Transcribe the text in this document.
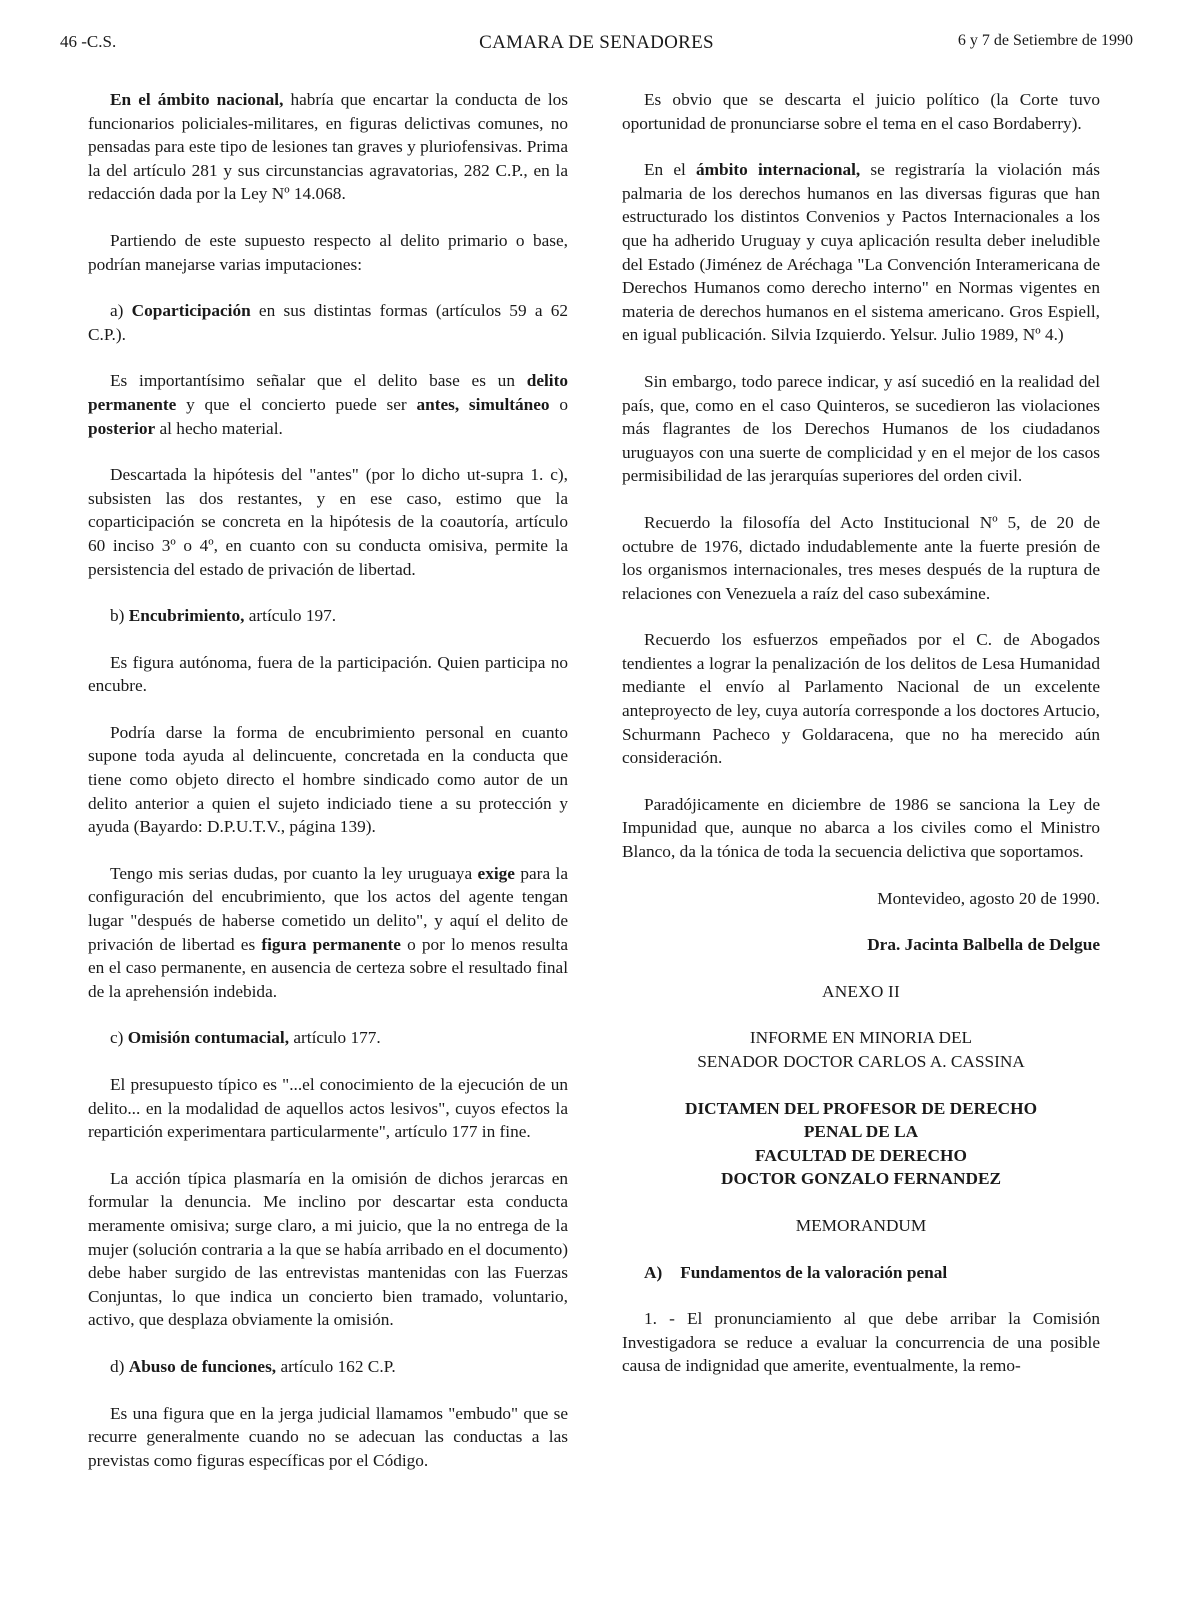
46 -C.S.	CAMARA DE SENADORES	6 y 7 de Setiembre de 1990

En el ámbito nacional, habría que encartar la conducta de los funcionarios policiales-militares, en figuras delictivas comunes, no pensadas para este tipo de lesiones tan graves y pluriofensivas. Prima la del artículo 281 y sus circunstancias agravatorias, 282 C.P., en la redacción dada por la Ley Nº 14.068.

Partiendo de este supuesto respecto al delito primario o base, podrían manejarse varias imputaciones:

a) Coparticipación en sus distintas formas (artículos 59 a 62 C.P.).

Es importantísimo señalar que el delito base es un delito permanente y que el concierto puede ser antes, simultáneo o posterior al hecho material.

Descartada la hipótesis del "antes" (por lo dicho ut-supra 1. c), subsisten las dos restantes, y en ese caso, estimo que la coparticipación se concreta en la hipótesis de la coautoría, artículo 60 inciso 3º o 4º, en cuanto con su conducta omisiva, permite la persistencia del estado de privación de libertad.

b) Encubrimiento, artículo 197.

Es figura autónoma, fuera de la participación. Quien participa no encubre.

Podría darse la forma de encubrimiento personal en cuanto supone toda ayuda al delincuente, concretada en la conducta que tiene como objeto directo el hombre sindicado como autor de un delito anterior a quien el sujeto indiciado tiene a su protección y ayuda (Bayardo: D.P.U.T.V., página 139).

Tengo mis serias dudas, por cuanto la ley uruguaya exige para la configuración del encubrimiento, que los actos del agente tengan lugar "después de haberse cometido un delito", y aquí el delito de privación de libertad es figura permanente o por lo menos resulta en el caso permanente, en ausencia de certeza sobre el resultado final de la aprehensión indebida.

c) Omisión contumacial, artículo 177.

El presupuesto típico es "...el conocimiento de la ejecución de un delito... en la modalidad de aquellos actos lesivos", cuyos efectos la repartición experimentara particularmente", artículo 177 in fine.

La acción típica plasmaría en la omisión de dichos jerarcas en formular la denuncia. Me inclino por descartar esta conducta meramente omisiva; surge claro, a mi juicio, que la no entrega de la mujer (solución contraria a la que se había arribado en el documento) debe haber surgido de las entrevistas mantenidas con las Fuerzas Conjuntas, lo que indica un concierto bien tramado, voluntario, activo, que desplaza obviamente la omisión.

d) Abuso de funciones, artículo 162 C.P.

Es una figura que en la jerga judicial llamamos "embudo" que se recurre generalmente cuando no se adecuan las conductas a las previstas como figuras específicas por el Código.

Es obvio que se descarta el juicio político (la Corte tuvo oportunidad de pronunciarse sobre el tema en el caso Bordaberry).

En el ámbito internacional, se registraría la violación más palmaria de los derechos humanos en las diversas figuras que han estructurado los distintos Convenios y Pactos Internacionales a los que ha adherido Uruguay y cuya aplicación resulta deber ineludible del Estado (Jiménez de Aréchaga "La Convención Interamericana de Derechos Humanos como derecho interno" en Normas vigentes en materia de derechos humanos en el sistema americano. Gros Espiell, en igual publicación. Silvia Izquierdo. Yelsur. Julio 1989, Nº 4.)

Sin embargo, todo parece indicar, y así sucedió en la realidad del país, que, como en el caso Quinteros, se sucedieron las violaciones más flagrantes de los Derechos Humanos de los ciudadanos uruguayos con una suerte de complicidad y en el mejor de los casos permisibilidad de las jerarquías superiores del orden civil.

Recuerdo la filosofía del Acto Institucional Nº 5, de 20 de octubre de 1976, dictado indudablemente ante la fuerte presión de los organismos internacionales, tres meses después de la ruptura de relaciones con Venezuela a raíz del caso subexámine.

Recuerdo los esfuerzos empeñados por el C. de Abogados tendientes a lograr la penalización de los delitos de Lesa Humanidad mediante el envío al Parlamento Nacional de un excelente anteproyecto de ley, cuya autoría corresponde a los doctores Artucio, Schurmann Pacheco y Goldaracena, que no ha merecido aún consideración.

Paradójicamente en diciembre de 1986 se sanciona la Ley de Impunidad que, aunque no abarca a los civiles como el Ministro Blanco, da la tónica de toda la secuencia delictiva que soportamos.

Montevideo, agosto 20 de 1990.

Dra. Jacinta Balbella de Delgue

ANEXO II

INFORME EN MINORIA DEL
SENADOR DOCTOR CARLOS A. CASSINA

DICTAMEN DEL PROFESOR DE DERECHO
PENAL DE LA
FACULTAD DE DERECHO
DOCTOR GONZALO FERNANDEZ

MEMORANDUM

A) Fundamentos de la valoración penal

1. - El pronunciamiento al que debe arribar la Comisión Investigadora se reduce a evaluar la concurrencia de una posible causa de indignidad que amerite, eventualmente, la remo-
